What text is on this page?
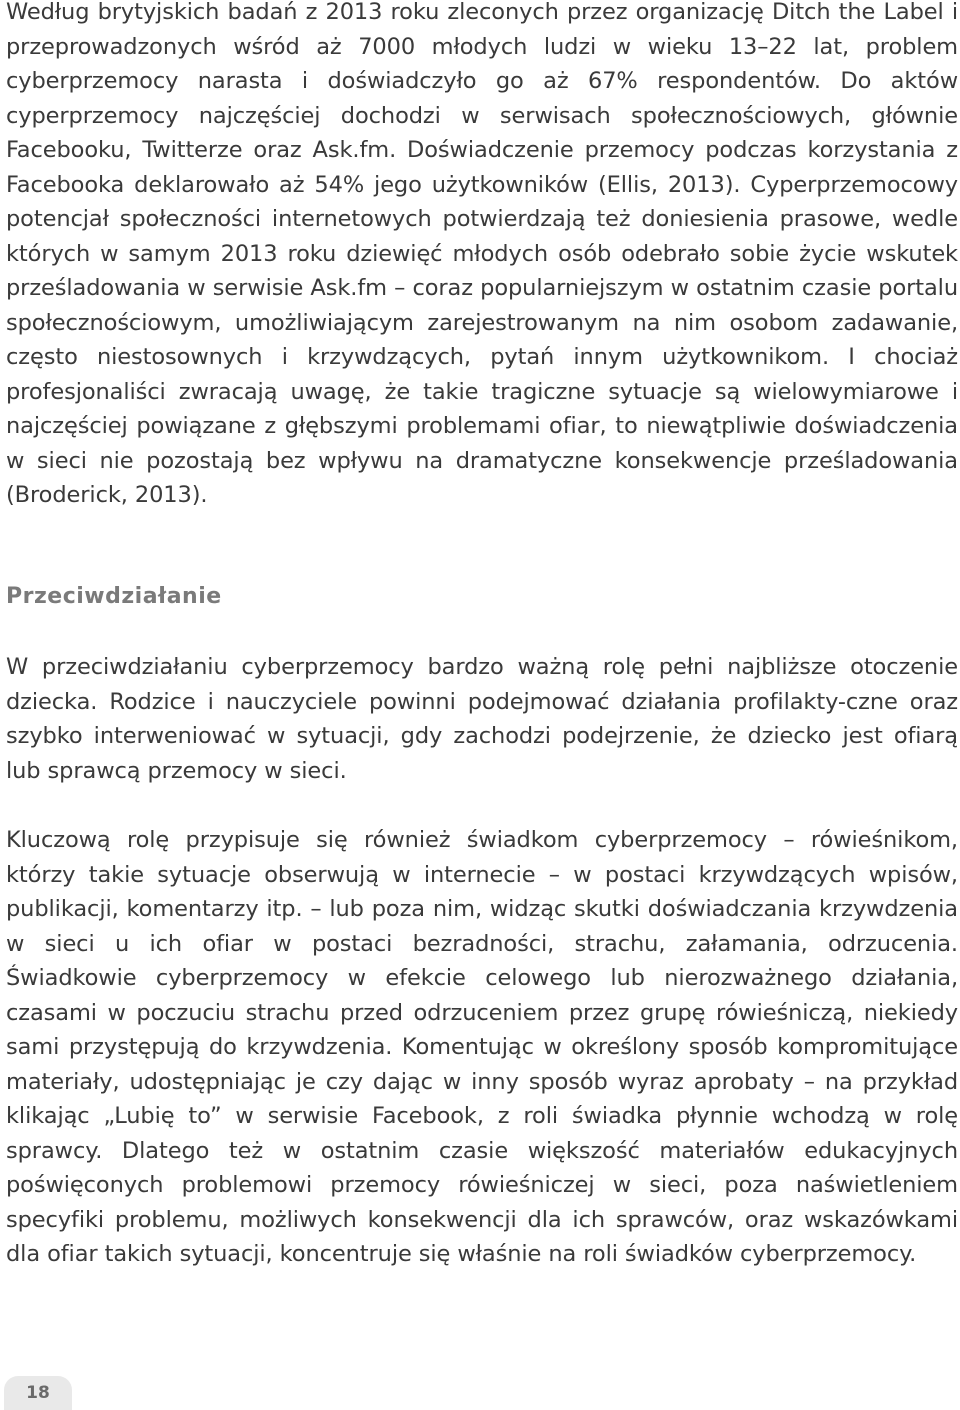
Według brytyjskich badań z 2013 roku zleconych przez organizację Ditch the Label i przeprowadzonych wśród aż 7000 młodych ludzi w wieku 13–22 lat, problem cyberprzemocy narasta i doświadczyło go aż 67% respondentów. Do aktów cyperprzemocy najczęściej dochodzi w serwisach społecznościowych, głównie Facebooku, Twitterze oraz Ask.fm. Doświadczenie przemocy podczas korzystania z Facebooka deklarowało aż 54% jego użytkowników (Ellis, 2013). Cyperprzemocowy potencjał społeczności internetowych potwierdzają też doniesienia prasowe, wedle których w samym 2013 roku dziewięć młodych osób odebrało sobie życie wskutek prześladowania w serwisie Ask.fm – coraz popularniejszym w ostatnim czasie portalu społecznościowym, umożliwiającym zarejestrowanym na nim osobom zadawanie, często niestosownych i krzywdzących, pytań innym użytkownikom. I chociaż profesjonaliści zwracają uwagę, że takie tragiczne sytuacje są wielowymiarowe i najczęściej powiązane z głębszymi problemami ofiar, to niewątpliwie doświadczenia w sieci nie pozostają bez wpływu na dramatyczne konsekwencje prześladowania (Broderick, 2013).

Przeciwdziałanie

W przeciwdziałaniu cyberprzemocy bardzo ważną rolę pełni najbliższe otoczenie dziecka. Rodzice i nauczyciele powinni podejmować działania profilakty-czne oraz szybko interweniować w sytuacji, gdy zachodzi podejrzenie, że dziecko jest ofiarą lub sprawcą przemocy w sieci.

Kluczową rolę przypisuje się również świadkom cyberprzemocy – rówieśnikom, którzy takie sytuacje obserwują w internecie – w postaci krzywdzących wpisów, publikacji, komentarzy itp. – lub poza nim, widząc skutki doświadczania krzywdzenia w sieci u ich ofiar w postaci bezradności, strachu, załamania, odrzucenia. Świadkowie cyberprzemocy w efekcie celowego lub nierozważnego działania, czasami w poczuciu strachu przed odrzuceniem przez grupę rówieśniczą, niekiedy sami przystępują do krzywdzenia. Komentując w określony sposób kompromitujące materiały, udostępniając je czy dając w inny sposób wyraz aprobaty – na przykład klikając „Lubię to” w serwisie Facebook, z roli świadka płynnie wchodzą w rolę sprawcy. Dlatego też w ostatnim czasie większość materiałów edukacyjnych poświęconych problemowi przemocy rówieśniczej w sieci, poza naświetleniem specyfiki problemu, możliwych konsekwencji dla ich sprawców, oraz wskazówkami dla ofiar takich sytuacji, koncentruje się właśnie na roli świadków cyberprzemocy.

18
